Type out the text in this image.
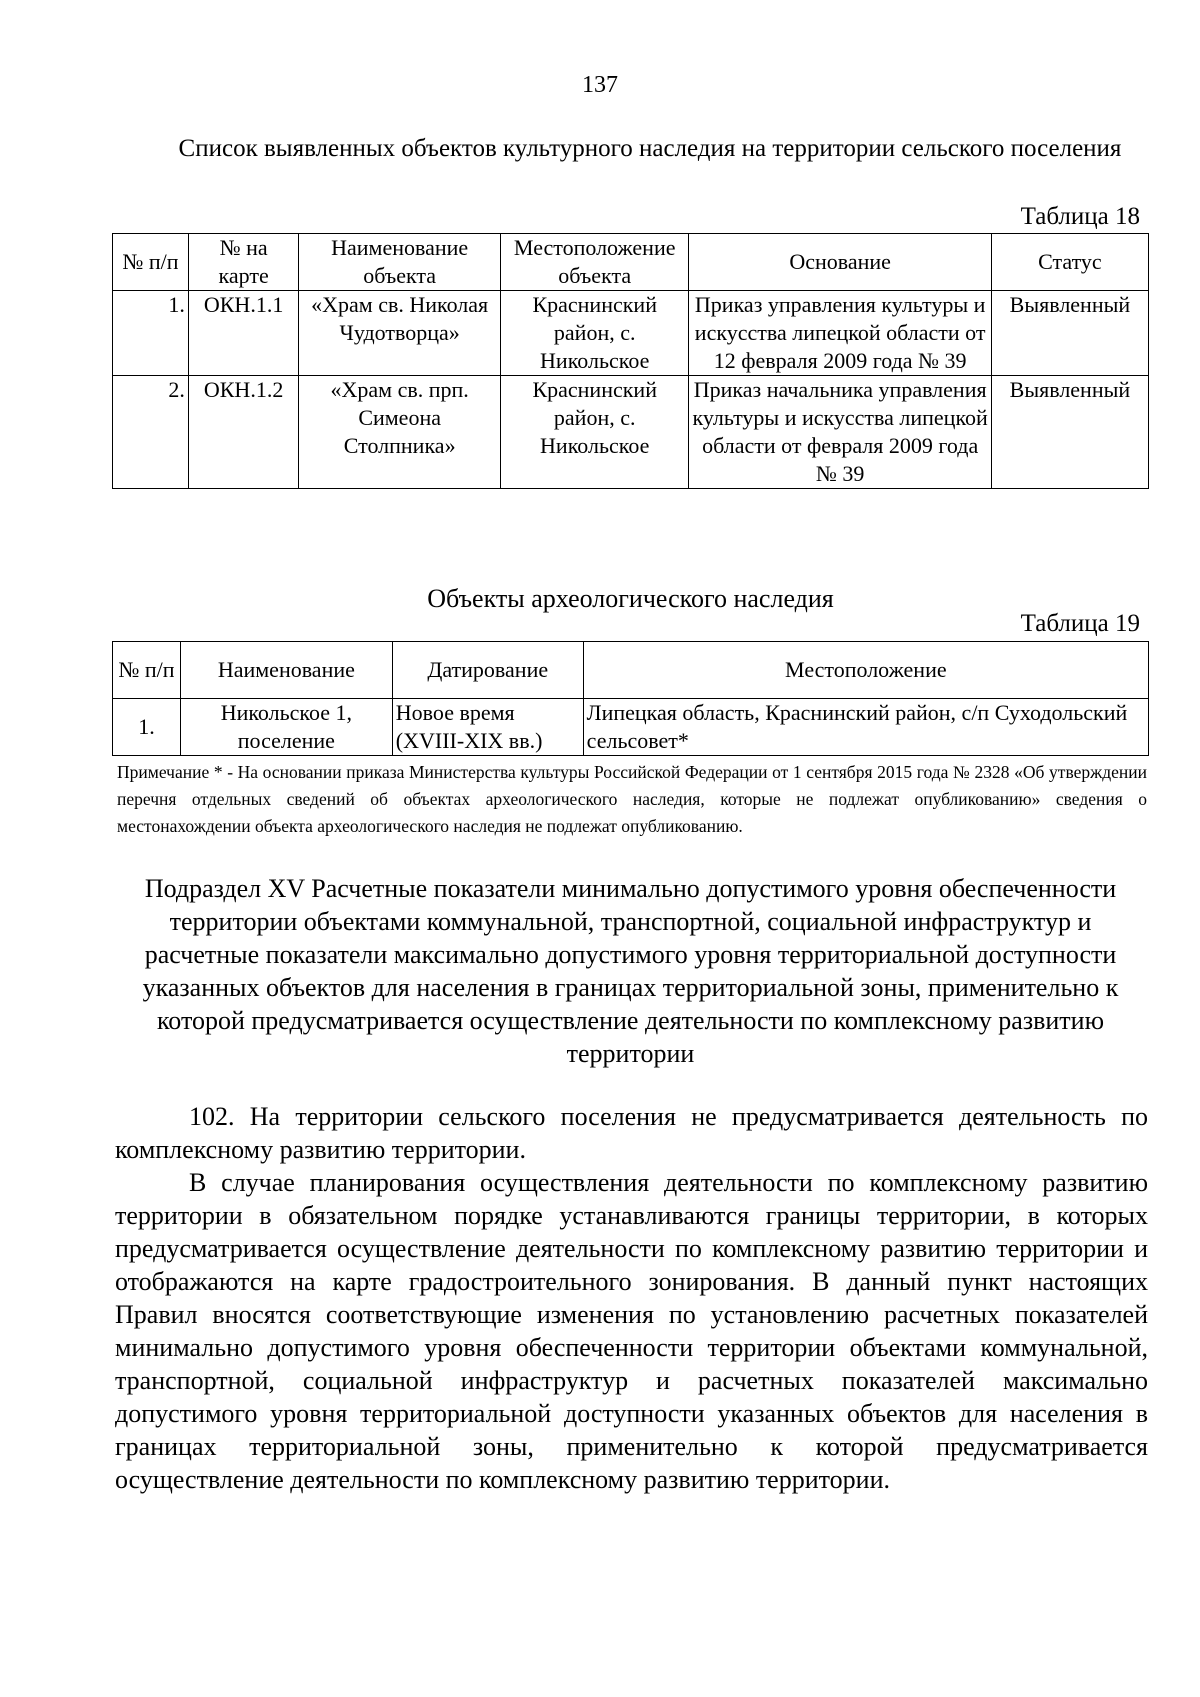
137
Список выявленных объектов культурного наследия на территории сельского поселения
Таблица 18
№ п/п	№ на карте	Наименование объекта	Местоположение объекта	Основание	Статус
1.	ОКН.1.1	«Храм св. Николая Чудотворца»	Краснинский район, с. Никольское	Приказ управления культуры и искусства липецкой области от 12 февраля 2009 года № 39	Выявленный
2.	ОКН.1.2	«Храм св. прп. Симеона Столпника»	Краснинский район, с. Никольское	Приказ начальника управления культуры и искусства липецкой области от февраля 2009 года № 39	Выявленный
Объекты археологического наследия
Таблица 19
№ п/п	Наименование	Датирование	Местоположение
1.	Никольское 1, поселение	Новое время (XVIII-XIX вв.)	Липецкая область, Краснинский район, с/п Суходольский сельсовет*
Примечание * - На основании приказа Министерства культуры Российской Федерации от 1 сентября 2015 года № 2328 «Об утверждении перечня отдельных сведений об объектах археологического наследия, которые не подлежат опубликованию» сведения о местонахождении объекта археологического наследия не подлежат опубликованию.
Подраздел XV Расчетные показатели минимально допустимого уровня обеспеченности территории объектами коммунальной, транспортной, социальной инфраструктур и расчетные показатели максимально допустимого уровня территориальной доступности указанных объектов для населения в границах территориальной зоны, применительно к которой предусматривается осуществление деятельности по комплексному развитию территории

102. На территории сельского поселения не предусматривается деятельность по комплексному развитию территории.

В случае планирования осуществления деятельности по комплексному развитию территории в обязательном порядке устанавливаются границы территории, в которых предусматривается осуществление деятельности по комплексному развитию территории и отображаются на карте градостроительного зонирования. В данный пункт настоящих Правил вносятся соответствующие изменения по установлению расчетных показателей минимально допустимого уровня обеспеченности территории объектами коммунальной, транспортной, социальной инфраструктур и расчетных показателей максимально допустимого уровня территориальной доступности указанных объектов для населения в границах территориальной зоны, применительно к которой предусматривается осуществление деятельности по комплексному развитию территории.
